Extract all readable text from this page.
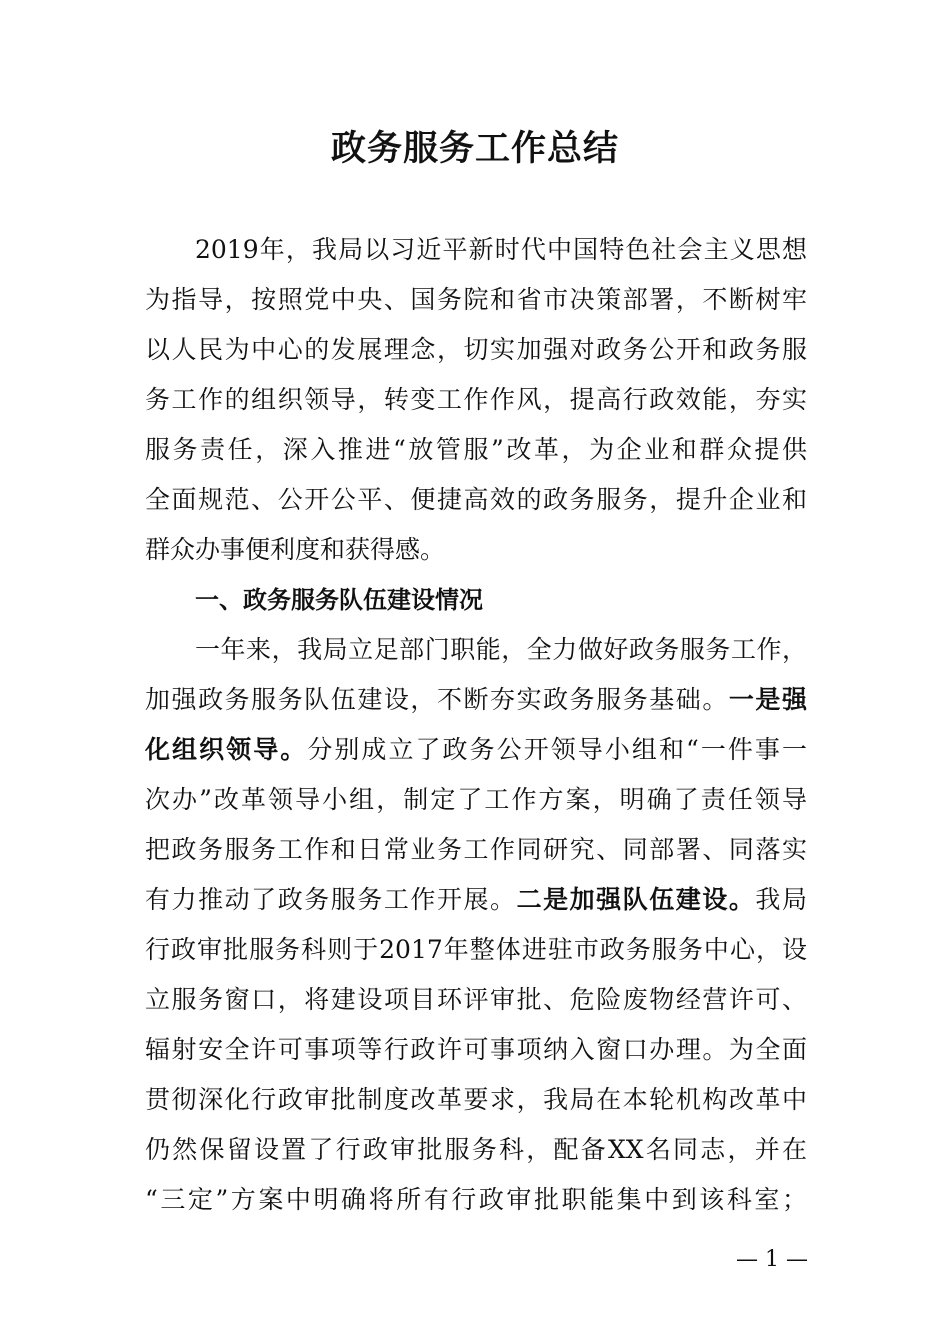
政务服务工作总结
2019年，我局以习近平新时代中国特色社会主义思想
为指导，按照党中央、国务院和省市决策部署，不断树牢
以人民为中心的发展理念，切实加强对政务公开和政务服
务工作的组织领导，转变工作作风，提高行政效能，夯实
服务责任，深入推进“放管服”改革，为企业和群众提供
全面规范、公开公平、便捷高效的政务服务，提升企业和
群众办事便利度和获得感。
一、政务服务队伍建设情况
一年来，我局立足部门职能，全力做好政务服务工作，
加强政务服务队伍建设，不断夯实政务服务基础。一是强
化组织领导。分别成立了政务公开领导小组和“一件事一
次办”改革领导小组，制定了工作方案，明确了责任领导
把政务服务工作和日常业务工作同研究、同部署、同落实
有力推动了政务服务工作开展。二是加强队伍建设。我局
行政审批服务科则于2017年整体进驻市政务服务中心，设
立服务窗口，将建设项目环评审批、危险废物经营许可、
辐射安全许可事项等行政许可事项纳入窗口办理。为全面
贯彻深化行政审批制度改革要求，我局在本轮机构改革中
仍然保留设置了行政审批服务科，配备XX名同志，并在
“三定”方案中明确将所有行政审批职能集中到该科室；
— 1 —
